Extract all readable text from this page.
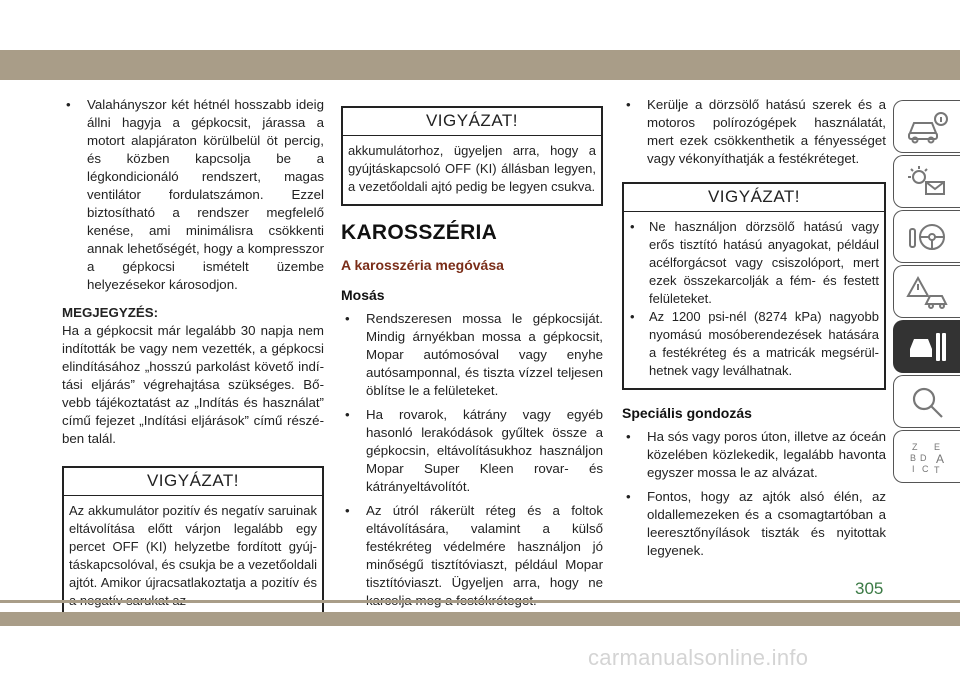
• Valahányszor két hétnél hosszabb ideig állni hagyja a gépkocsit, járassa a motort alapjáraton körülbelül öt percig, és közben kapcsolja be a légkondicionáló rendszert, magas ventilátor fordulatszámon. Ezzel biztosítható a rendszer megfelelő kenése, ami minimálisra csökkenti annak lehetőségét, hogy a kompresszor a gépkocsi ismételt üzembe helyezésekor károsodjon.
MEGJEGYZÉS:
Ha a gépkocsit már legalább 30 napja nem indították be vagy nem vezették, a gépkocsi elindításához „hosszú parkolást követő indítási eljárás” végrehajtása szükséges. Bővebb tájékoztatást az „Indítás és használat” című fejezet „Indítási eljárások” című részében talál.
VIGYÁZAT!
Az akkumulátor pozitív és negatív saruinak eltávolítása előtt várjon legalább egy percet OFF (KI) helyzetbe fordított gyújtáskapcsolóval, és csukja be a vezetőoldali ajtót. Amikor újracsatlakoztatja a pozitív és
VIGYÁZAT!
akkumulátorhoz, ügyeljen arra, hogy a gyújtáskapcsoló OFF (KI) állásban legyen, a vezetőoldali ajtó pedig be legyen csukva.
KAROSSZÉRIA
A karosszéria megóvása
Mosás
• Rendszeresen mossa le gépkocsiját. Mindig árnyékban mossa a gépkocsit, Mopar autómosóval vagy enyhe autósamponnal, és tiszta vízzel teljesen öblítse le a felületeket.
• Ha rovarok, kátrány vagy egyéb hasonló lerakódások gyűltek össze a gépkocsin, eltávolításukhoz használjon Mopar Super Kleen rovar- és kátrányeltávolítót.
• Az útról rákerült réteg és a foltok eltávolítására, valamint a külső festékréteg védelmére használjon jó minőségű tisztítóviaszt, például Mopar tisztítóviaszt. Ügyeljen arra, hogy ne
• Kerülje a dörzsölő hatású szerek és a motoros polírozógépek használatát, mert ezek csökkenthetik a fényességet vagy vékonyíthatják a festékréteget.
VIGYÁZAT!
• Ne használjon dörzsölő hatású vagy erős tisztító hatású anyagokat, például acélforgácsot vagy csiszolóport, mert ezek összekarcolják a fém- és festett felületeket.
• Az 1200 psi-nél (8274 kPa) nagyobb nyomású mosóberendezések hatására a festékréteg és a matricák megsérülhetnek vagy leválhatnak.
Speciális gondozás
• Ha sós vagy poros úton, illetve az óceán közelében közlekedik, legalább havonta egyszer mossa le az alvázat.
• Fontos, hogy az ajtók alsó élén, az oldallemezeken és a csomagtartóban a leeresztőnyílások tiszták és nyitottak legyenek.
Z E
B D A
I C T
305
carmanualsonline.info
